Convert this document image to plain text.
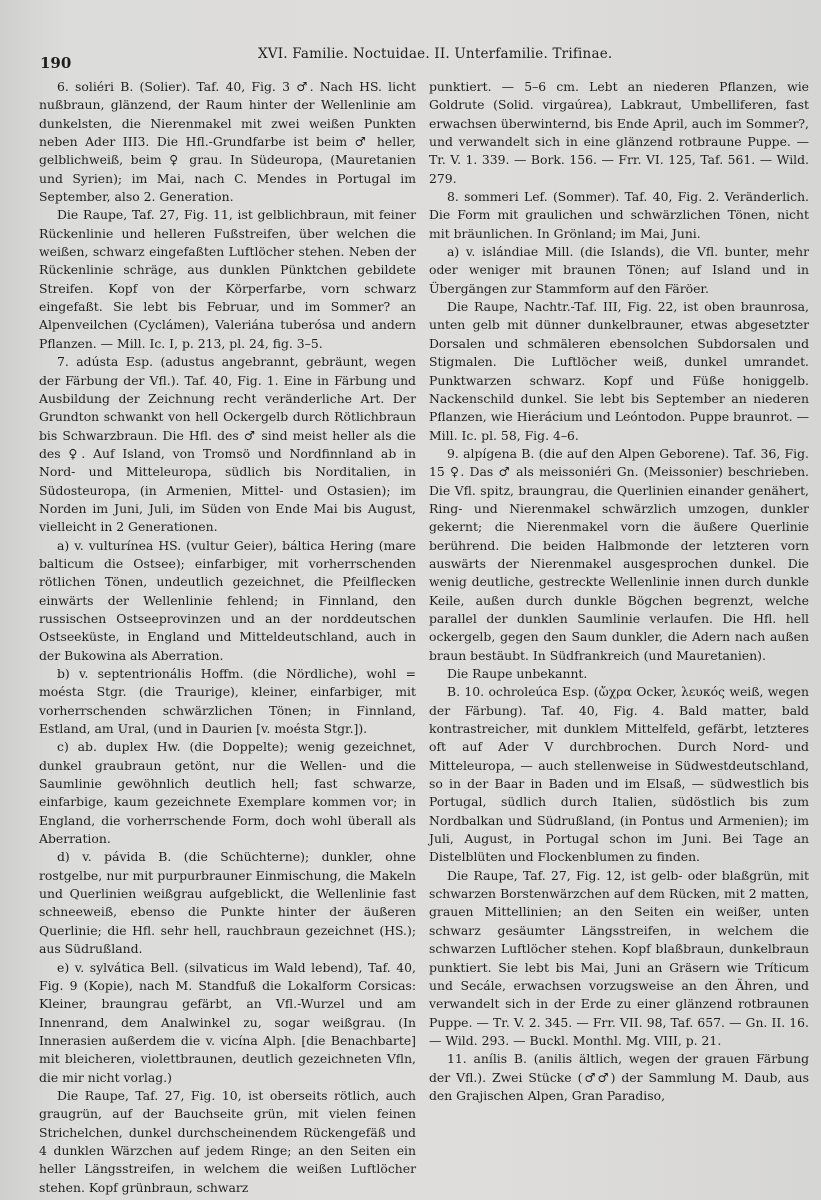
190	XVI. Familie. Noctuidae. II. Unterfamilie. Trifinae.

6. soliéri B. (Solier). Taf. 40, Fig. 3 ♂. Nach HS. licht nußbraun, glänzend, der Raum hinter der Wellenlinie am dunkelsten, die Nierenmakel mit zwei weißen Punkten neben Ader III3. Die Hfl.-Grundfarbe ist beim ♂ heller, gelblichweiß, beim ♀ grau. In Südeuropa, (Mauretanien und Syrien); im Mai, nach C. Mendes in Portugal im September, also 2. Generation.

Die Raupe, Taf. 27, Fig. 11, ist gelblichbraun, mit feiner Rückenlinie und helleren Fußstreifen, über welchen die weißen, schwarz eingefaßten Luftlöcher stehen. Neben der Rückenlinie schräge, aus dunklen Pünktchen gebildete Streifen. Kopf von der Körperfarbe, vorn schwarz eingefaßt. Sie lebt bis Februar, und im Sommer? an Alpenveilchen (Cyclámen), Valeriána tuberósa und andern Pflanzen. — Mill. Ic. I, p. 213, pl. 24, fig. 3–5.

7. adústa Esp. (adustus angebrannt, gebräunt, wegen der Färbung der Vfl.). Taf. 40, Fig. 1. Eine in Färbung und Ausbildung der Zeichnung recht veränderliche Art. Der Grundton schwankt von hell Ockergelb durch Rötlichbraun bis Schwarzbraun. Die Hfl. des ♂ sind meist heller als die des ♀. Auf Island, von Tromsö und Nordfinnland ab in Nord- und Mitteleuropa, südlich bis Norditalien, in Südosteuropa, (in Armenien, Mittel- und Ostasien); im Norden im Juni, Juli, im Süden von Ende Mai bis August, vielleicht in 2 Generationen.

a) v. vulturínea HS. (vultur Geier), báltica Hering (mare balticum die Ostsee); einfarbiger, mit vorherrschenden rötlichen Tönen, undeutlich gezeichnet, die Pfeilflecken einwärts der Wellenlinie fehlend; in Finnland, den russischen Ostseeprovinzen und an der norddeutschen Ostseeküste, in England und Mitteldeutschland, auch in der Bukowina als Aberration.

b) v. septentrionális Hoffm. (die Nördliche), wohl = moésta Stgr. (die Traurige), kleiner, einfarbiger, mit vorherrschenden schwärzlichen Tönen; in Finnland, Estland, am Ural, (und in Daurien [v. moésta Stgr.]).

c) ab. duplex Hw. (die Doppelte); wenig gezeichnet, dunkel graubraun getönt, nur die Wellen- und die Saumlinie gewöhnlich deutlich hell; fast schwarze, einfarbige, kaum gezeichnete Exemplare kommen vor; in England, die vorherrschende Form, doch wohl überall als Aberration.

d) v. pávida B. (die Schüchterne); dunkler, ohne rostgelbe, nur mit purpurbrauner Einmischung, die Makeln und Querlinien weißgrau aufgeblickt, die Wellenlinie fast schneeweiß, ebenso die Punkte hinter der äußeren Querlinie; die Hfl. sehr hell, rauchbraun gezeichnet (HS.); aus Südrußland.

e) v. sylvática Bell. (silvaticus im Wald lebend), Taf. 40, Fig. 9 (Kopie), nach M. Standfuß die Lokalform Corsicas: Kleiner, braungrau gefärbt, an Vfl.-Wurzel und am Innenrand, dem Analwinkel zu, sogar weißgrau. (In Innerasien außerdem die v. vicína Alph. [die Benachbarte] mit bleicheren, violettbraunen, deutlich gezeichneten Vfln, die mir nicht vorlag.)

Die Raupe, Taf. 27, Fig. 10, ist oberseits rötlich, auch graugrün, auf der Bauchseite grün, mit vielen feinen Strichelchen, dunkel durchscheinendem Rückengefäß und 4 dunklen Wärzchen auf jedem Ringe; an den Seiten ein heller Längsstreifen, in welchem die weißen Luftlöcher stehen. Kopf grünbraun, schwarz

punktiert. — 5–6 cm. Lebt an niederen Pflanzen, wie Goldrute (Solid. virgaúrea), Labkraut, Umbelliferen, fast erwachsen überwinternd, bis Ende April, auch im Sommer?, und verwandelt sich in eine glänzend rotbraune Puppe. — Tr. V. 1. 339. — Bork. 156. — Frr. VI. 125, Taf. 561. — Wild. 279.

8. sommeri Lef. (Sommer). Taf. 40, Fig. 2. Veränderlich. Die Form mit graulichen und schwärzlichen Tönen, nicht mit bräunlichen. In Grönland; im Mai, Juni.

a) v. islándiae Mill. (die Islands), die Vfl. bunter, mehr oder weniger mit braunen Tönen; auf Island und in Übergängen zur Stammform auf den Färöer.

Die Raupe, Nachtr.-Taf. III, Fig. 22, ist oben braunrosa, unten gelb mit dünner dunkelbrauner, etwas abgesetzter Dorsalen und schmäleren ebensolchen Subdorsalen und Stigmalen. Die Luftlöcher weiß, dunkel umrandet. Punktwarzen schwarz. Kopf und Füße honiggelb. Nackenschild dunkel. Sie lebt bis September an niederen Pflanzen, wie Hierácium und Leóntodon. Puppe braunrot. — Mill. Ic. pl. 58, Fig. 4–6.

9. alpígena B. (die auf den Alpen Geborene). Taf. 36, Fig. 15 ♀. Das ♂ als meissoniéri Gn. (Meissonier) beschrieben. Die Vfl. spitz, braungrau, die Querlinien einander genähert, Ring- und Nierenmakel schwärzlich umzogen, dunkler gekernt; die Nierenmakel vorn die äußere Querlinie berührend. Die beiden Halbmonde der letzteren vorn auswärts der Nierenmakel ausgesprochen dunkel. Die wenig deutliche, gestreckte Wellenlinie innen durch dunkle Keile, außen durch dunkle Bögchen begrenzt, welche parallel der dunklen Saumlinie verlaufen. Die Hfl. hell ockergelb, gegen den Saum dunkler, die Adern nach außen braun bestäubt. In Südfrankreich (und Mauretanien).

Die Raupe unbekannt.

B. 10. ochroleúca Esp. (ὤχρα Ocker, λευκός weiß, wegen der Färbung). Taf. 40, Fig. 4. Bald matter, bald kontrastreicher, mit dunklem Mittelfeld, gefärbt, letzteres oft auf Ader V durchbrochen. Durch Nord- und Mitteleuropa, — auch stellenweise in Südwestdeutschland, so in der Baar in Baden und im Elsaß, — südwestlich bis Portugal, südlich durch Italien, südöstlich bis zum Nordbalkan und Südrußland, (in Pontus und Armenien); im Juli, August, in Portugal schon im Juni. Bei Tage an Distelblüten und Flockenblumen zu finden.

Die Raupe, Taf. 27, Fig. 12, ist gelb- oder blaßgrün, mit schwarzen Borstenwärzchen auf dem Rücken, mit 2 matten, grauen Mittellinien; an den Seiten ein weißer, unten schwarz gesäumter Längsstreifen, in welchem die schwarzen Luftlöcher stehen. Kopf blaßbraun, dunkelbraun punktiert. Sie lebt bis Mai, Juni an Gräsern wie Tríticum und Secále, erwachsen vorzugsweise an den Ähren, und verwandelt sich in der Erde zu einer glänzend rotbraunen Puppe. — Tr. V. 2. 345. — Frr. VII. 98, Taf. 657. — Gn. II. 16. — Wild. 293. — Buckl. Monthl. Mg. VIII, p. 21.

11. anílis B. (anilis ältlich, wegen der grauen Färbung der Vfl.). Zwei Stücke (♂♂) der Sammlung M. Daub, aus den Grajischen Alpen, Gran Paradiso,
